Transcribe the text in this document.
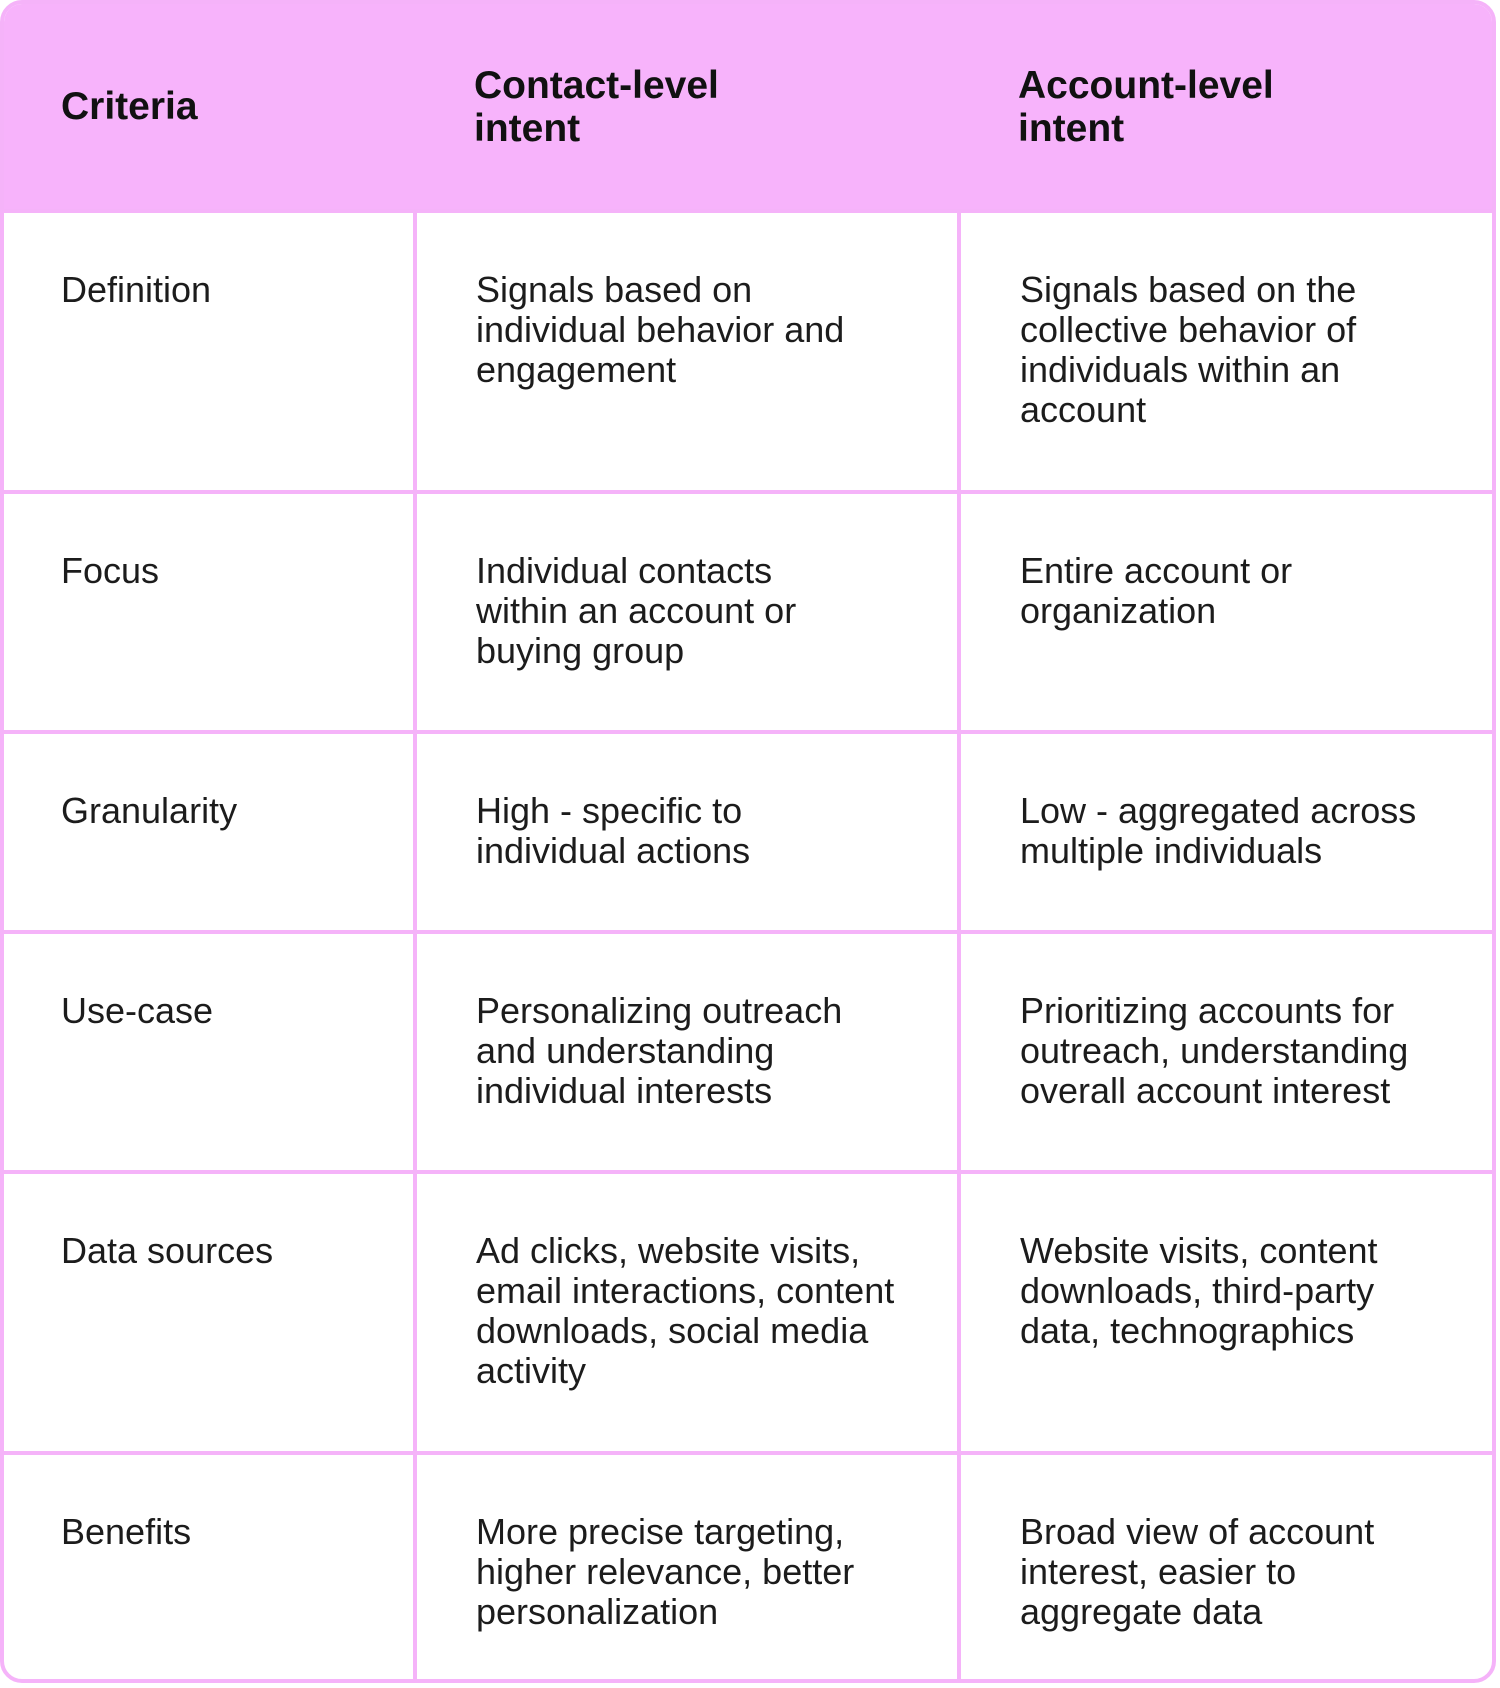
Criteria	Contact-level intent	Account-level intent

Definition	Signals based on individual behavior and engagement	Signals based on the collective behavior of individuals within an account

Focus	Individual contacts within an account or buying group	Entire account or organization

Granularity	High - specific to individual actions	Low - aggregated across multiple individuals

Use-case	Personalizing outreach and understanding individual interests	Prioritizing accounts for outreach, understanding overall account interest

Data sources	Ad clicks, website visits, email interactions, content downloads, social media activity	Website visits, content downloads, third-party data, technographics

Benefits	More precise targeting, higher relevance, better personalization	Broad view of account interest, easier to aggregate data
